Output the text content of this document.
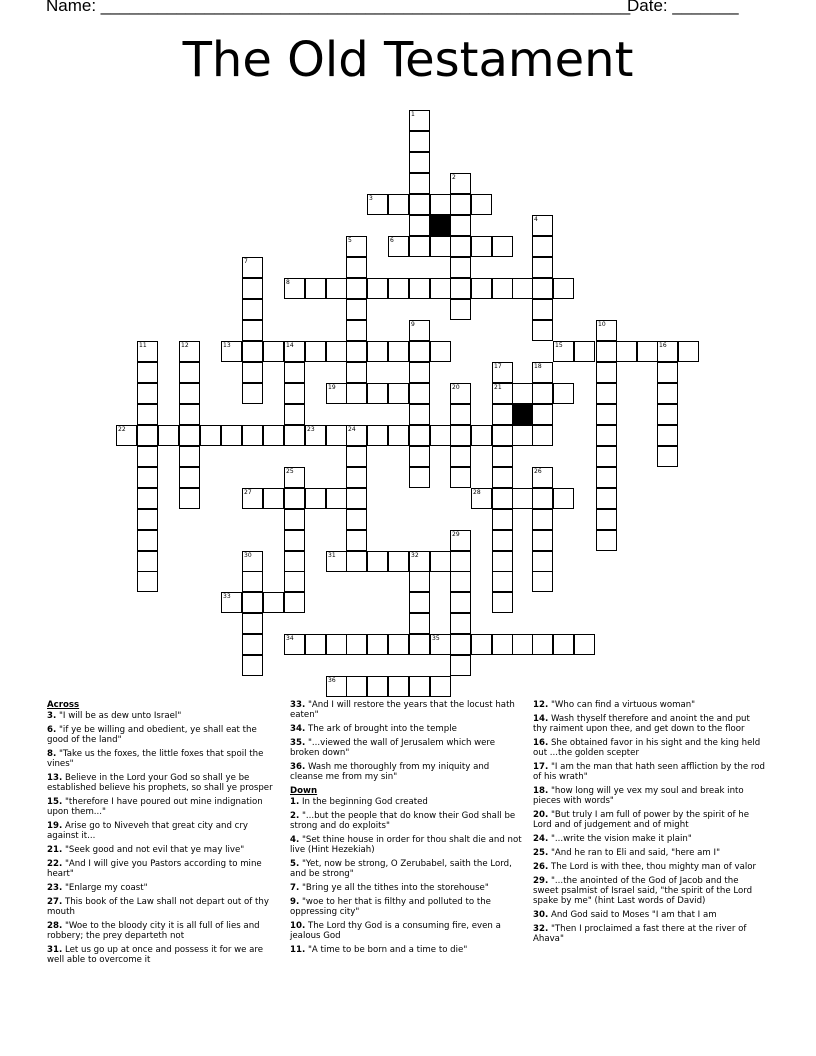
Name: ________________________________________________________
Date: _______
The Old Testament
1
2
3
4
5	6
7
8
9	10
11	12	13	14	15	16
17	18
19	20	21
22	23	24
25	26
27	28
29
30	31	32
33
34	35
36
Across
3. "I will be as dew unto Israel"
6. "if ye be willing and obedient, ye shall eat the good of the land"
8. "Take us the foxes, the little foxes that spoil the vines"
13. Believe in the Lord your God so shall ye be established believe his prophets, so shall ye prosper
15. "therefore I have poured out mine indignation upon them..."
19. Arise go to Niveveh that great city and cry against it...
21. "Seek good and not evil that ye may live"
22. "And I will give you Pastors according to mine heart"
23. "Enlarge my coast"
27. This book of the Law shall not depart out of thy mouth
28. "Woe to the bloody city it is all full of lies and robbery; the prey departeth not
31. Let us go up at once and possess it for we are well able to overcome it
33. "And I will restore the years that the locust hath eaten"
34. The ark of brought into the temple
35. "...viewed the wall of Jerusalem which were broken down"
36. Wash me thoroughly from my iniquity and cleanse me from my sin"
Down
1. In the beginning God created
2. "...but the people that do know their God shall be strong and do exploits"
4. "Set thine house in order for thou shalt die and not live (Hint Hezekiah)
5. "Yet, now be strong, O Zerubabel, saith the Lord, and be strong"
7. "Bring ye all the tithes into the storehouse"
9. "woe to her that is filthy and polluted to the oppressing city"
10. The Lord thy God is a consuming fire, even a jealous God
11. "A time to be born and a time to die"
12. "Who can find a virtuous woman"
14. Wash thyself therefore and anoint the and put thy raiment upon thee, and get down to the floor
16. She obtained favor in his sight and the king held out ...the golden scepter
17. "I am the man that hath seen affliction by the rod of his wrath"
18. "how long will ye vex my soul and break into pieces with words"
20. "But truly I am full of power by the spirit of he Lord and of judgement and of might
24. "...write the vision make it plain"
25. "And he ran to Eli and said, "here am I"
26. The Lord is with thee, thou mighty man of valor
29. "...the anointed of the God of Jacob and the sweet psalmist of Israel said, "the spirit of the Lord spake by me" (hint Last words of David)
30. And God said to Moses "I am that I am
32. "Then I proclaimed a fast there at the river of Ahava"
